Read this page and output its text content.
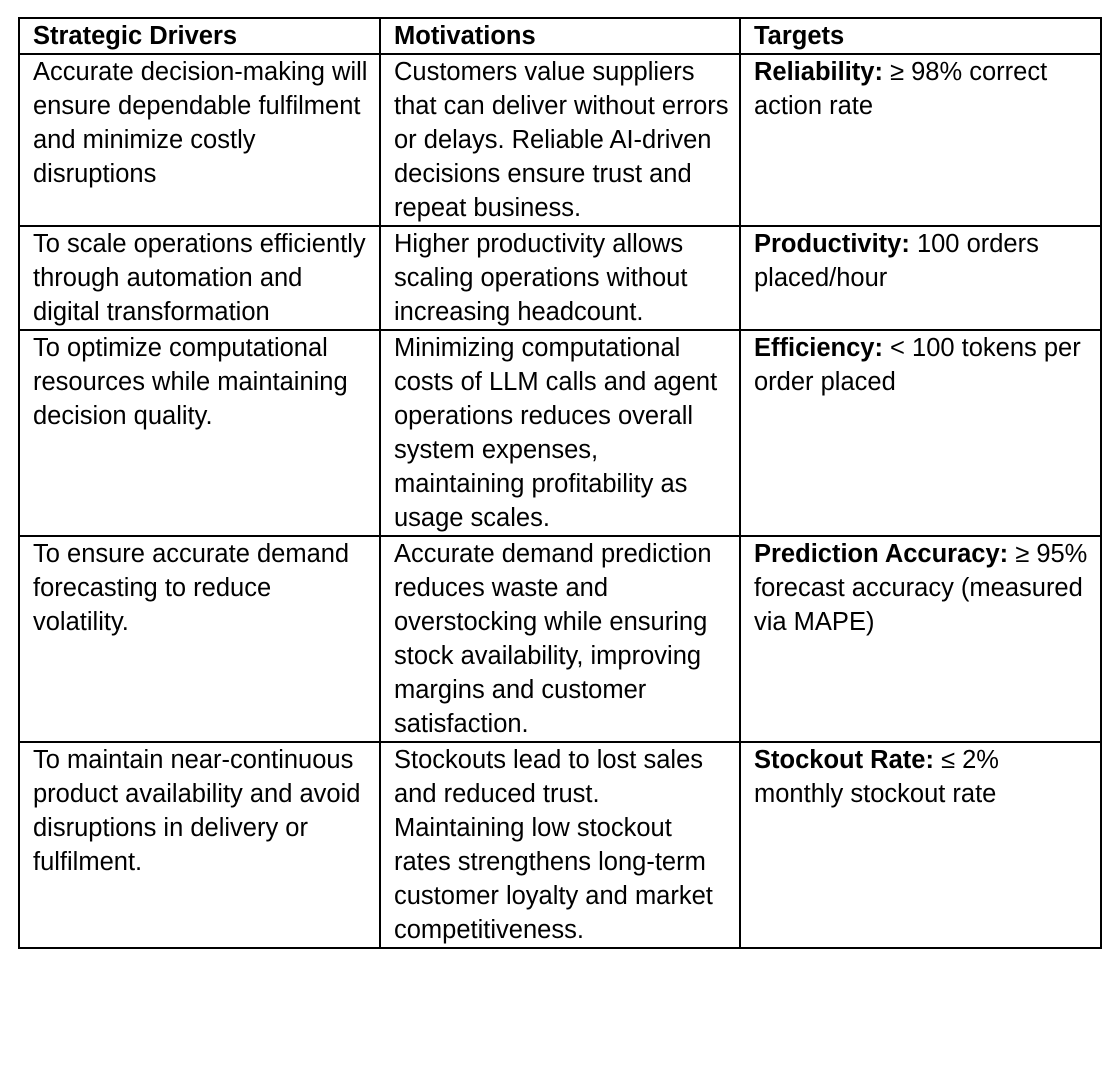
Strategic Drivers	Motivations	Targets
Accurate decision-making will ensure dependable fulfilment and minimize costly disruptions	Customers value suppliers that can deliver without errors or delays. Reliable AI-driven decisions ensure trust and repeat business.	Reliability: ≥ 98% correct action rate
To scale operations efficiently through automation and digital transformation	Higher productivity allows scaling operations without increasing headcount.	Productivity: 100 orders placed/hour
To optimize computational resources while maintaining decision quality.	Minimizing computational costs of LLM calls and agent operations reduces overall system expenses, maintaining profitability as usage scales.	Efficiency: < 100 tokens per order placed
To ensure accurate demand forecasting to reduce volatility.	Accurate demand prediction reduces waste and overstocking while ensuring stock availability, improving margins and customer satisfaction.	Prediction Accuracy: ≥ 95% forecast accuracy (measured via MAPE)
To maintain near-continuous product availability and avoid disruptions in delivery or fulfilment.	Stockouts lead to lost sales and reduced trust. Maintaining low stockout rates strengthens long-term customer loyalty and market competitiveness.	Stockout Rate: ≤ 2% monthly stockout rate
